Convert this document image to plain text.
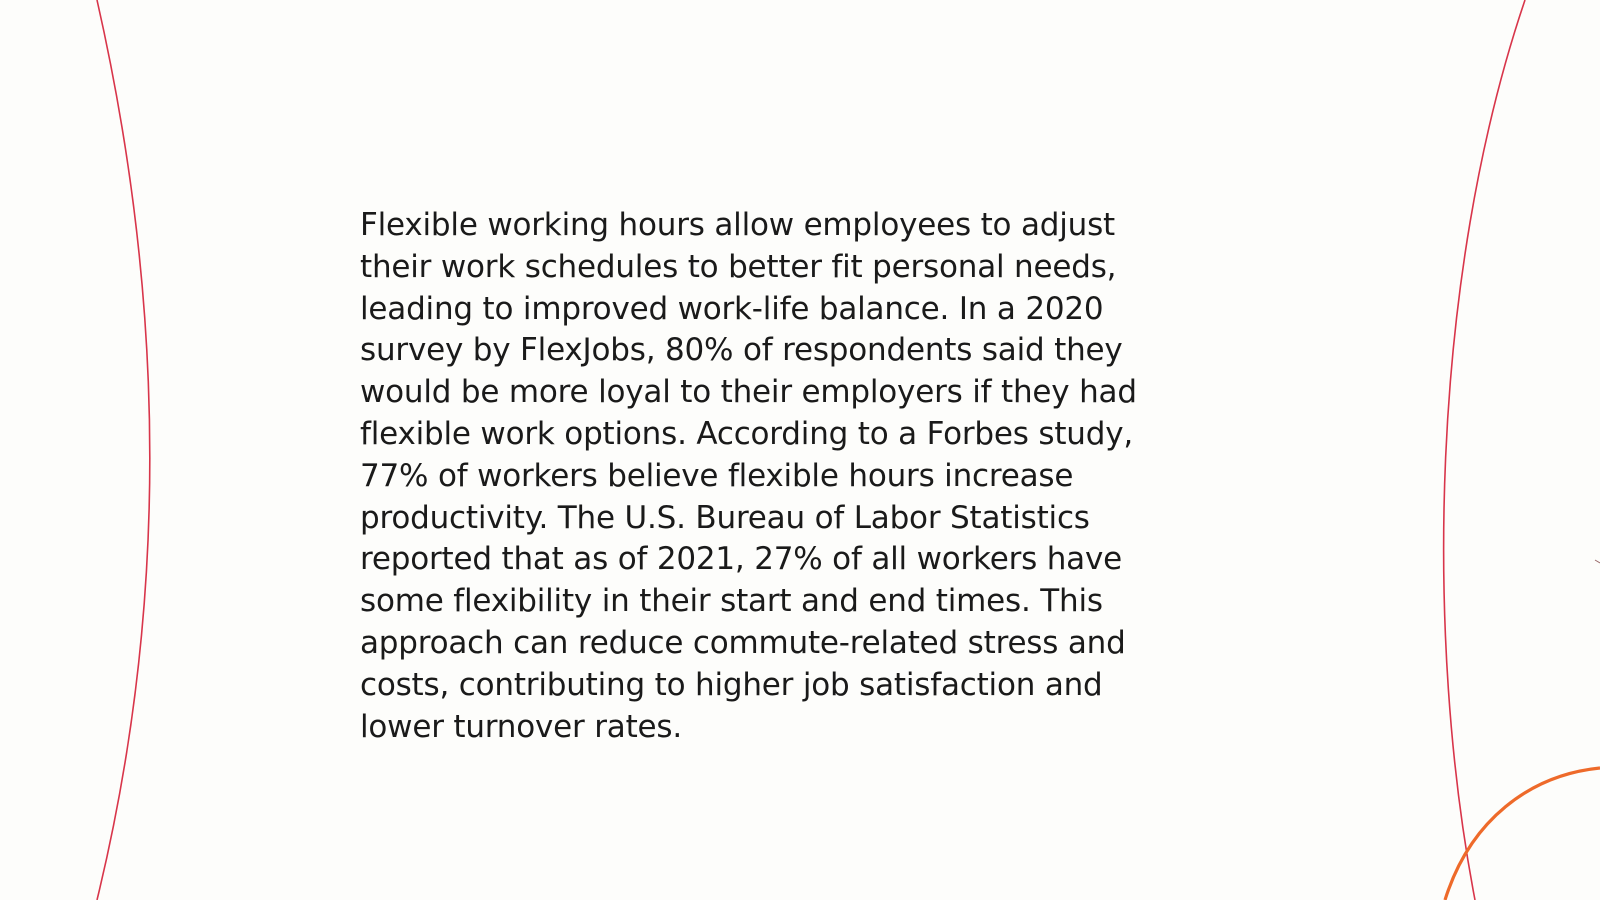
Flexible working hours allow employees to adjust their work schedules to better fit personal needs, leading to improved work-life balance. In a 2020 survey by FlexJobs, 80% of respondents said they would be more loyal to their employers if they had flexible work options. According to a Forbes study, 77% of workers believe flexible hours increase productivity. The U.S. Bureau of Labor Statistics reported that as of 2021, 27% of all workers have some flexibility in their start and end times. This approach can reduce commute-related stress and costs, contributing to higher job satisfaction and lower turnover rates.
